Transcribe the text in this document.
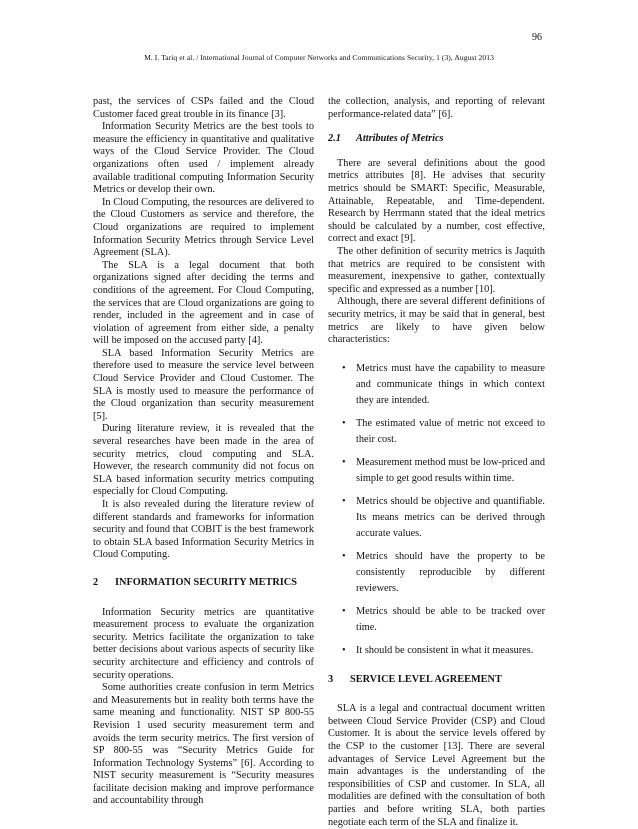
96
M. I. Tariq et al. / International Journal of Computer Networks and Communications Security, 1 (3), August 2013

past, the services of CSPs failed and the Cloud Customer faced great trouble in its finance [3].

Information Security Metrics are the best tools to measure the efficiency in quantitative and qualitative ways of the Cloud Service Provider. The Cloud organizations often used / implement already available traditional computing Information Security Metrics or develop their own.

In Cloud Computing, the resources are delivered to the Cloud Customers as service and therefore, the Cloud organizations are required to implement Information Security Metrics through Service Level Agreement (SLA).

The SLA is a legal document that both organizations signed after deciding the terms and conditions of the agreement. For Cloud Computing, the services that are Cloud organizations are going to render, included in the agreement and in case of violation of agreement from either side, a penalty will be imposed on the accused party [4].

SLA based Information Security Metrics are therefore used to measure the service level between Cloud Service Provider and Cloud Customer. The SLA is mostly used to measure the performance of the Cloud organization than security measurement [5].

During literature review, it is revealed that the several researches have been made in the area of security metrics, cloud computing and SLA. However, the research community did not focus on SLA based information security metrics computing especially for Cloud Computing.

It is also revealed during the literature review of different standards and frameworks for information security and found that COBIT is the best framework to obtain SLA based Information Security Metrics in Cloud Computing.

2	INFORMATION SECURITY METRICS

Information Security metrics are quantitative measurement process to evaluate the organization security. Metrics facilitate the organization to take better decisions about various aspects of security like security architecture and efficiency and controls of security operations.

Some authorities create confusion in term Metrics and Measurements but in reality both terms have the same meaning and functionality. NIST SP 800-55 Revision 1 used security measurement term and avoids the term security metrics. The first version of SP 800-55 was “Security Metrics Guide for Information Technology Systems” [6]. According to NIST security measurement is “Security measures facilitate decision making and improve performance and accountability through

the collection, analysis, and reporting of relevant performance-related data” [6].

2.1	Attributes of Metrics

There are several definitions about the good metrics attributes [8]. He advises that security metrics should be SMART: Specific, Measurable, Attainable, Repeatable, and Time-dependent. Research by Herrmann stated that the ideal metrics should be calculated by a number, cost effective, correct and exact [9].

The other definition of security metrics is Jaquith that metrics are required to be consistent with measurement, inexpensive to gather, contextually specific and expressed as a number [10].

Although, there are several different definitions of security metrics, it may be said that in general, best metrics are likely to have given below characteristics:

•	Metrics must have the capability to measure and communicate things in which context they are intended.
•	The estimated value of metric not exceed to their cost.
•	Measurement method must be low-priced and simple to get good results within time.
•	Metrics should be objective and quantifiable. Its means metrics can be derived through accurate values.
•	Metrics should have the property to be consistently reproducible by different reviewers.
•	Metrics should be able to be tracked over time.
•	It should be consistent in what it measures.
3	SERVICE LEVEL AGREEMENT

SLA is a legal and contractual document written between Cloud Service Provider (CSP) and Cloud Customer. It is about the service levels offered by the CSP to the customer [13]. There are several advantages of Service Level Agreement but the main advantages is the understanding of the responsibilities of CSP and customer. In SLA, all modalities are defined with the consultation of both parties and before writing SLA, both parties negotiate each term of the SLA and finalize it.
